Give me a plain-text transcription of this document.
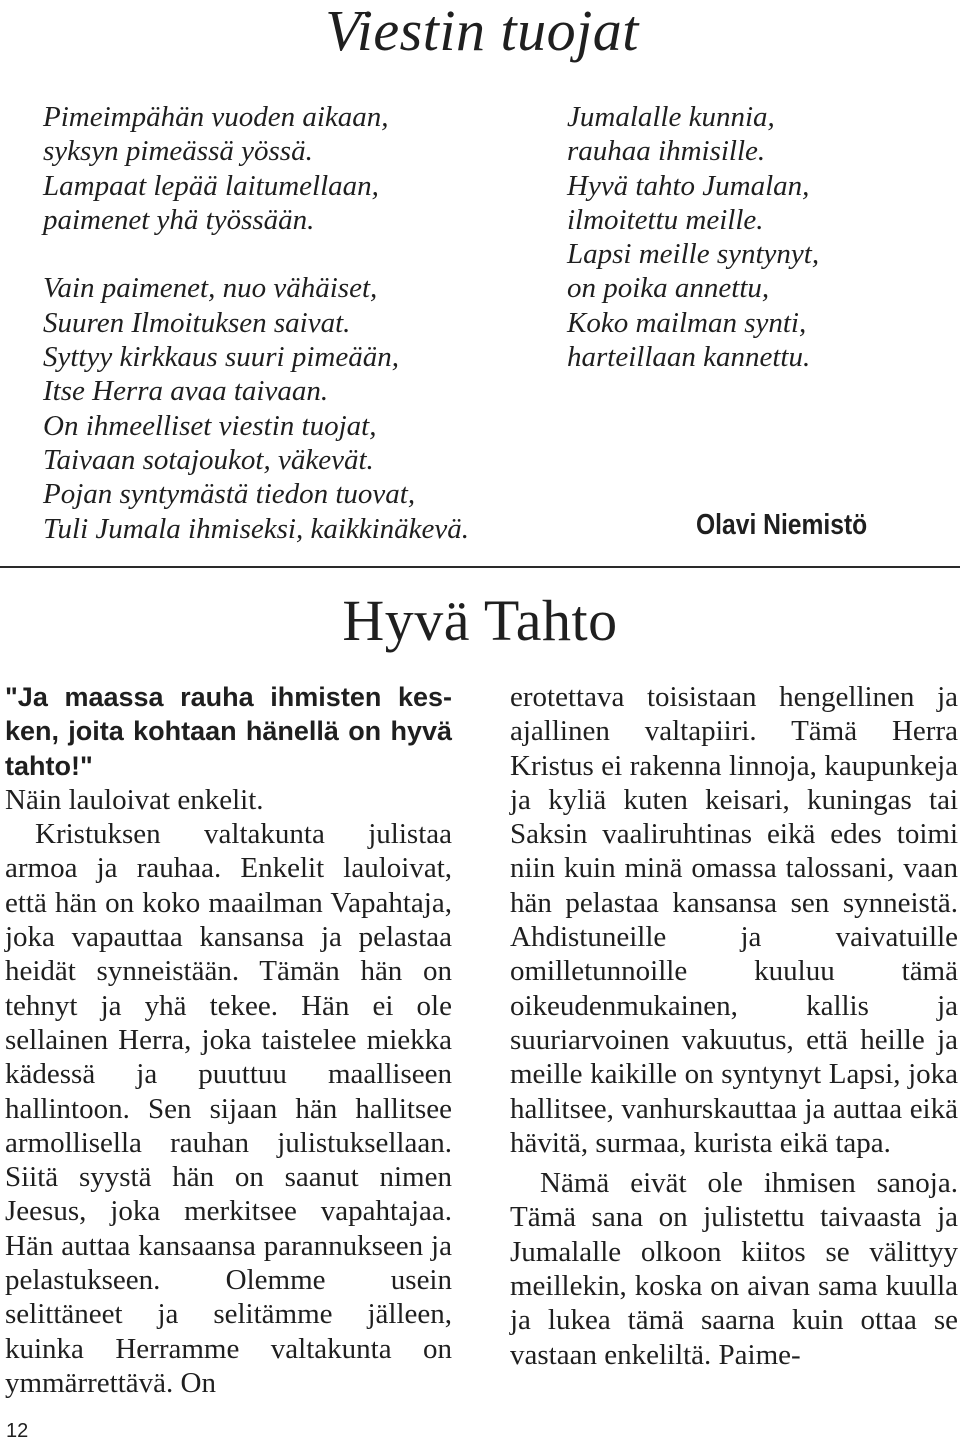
Viestin tuojat
Pimeimpähän vuoden aikaan,
syksyn pimeässä yössä.
Lampaat lepää laitumellaan,
paimenet yhä työssään.
Vain paimenet, nuo vähäiset,
Suuren Ilmoituksen saivat.
Syttyy kirkkaus suuri pimeään,
Itse Herra avaa taivaan.
On ihmeelliset viestin tuojat,
Taivaan sotajoukot, väkevät.
Pojan syntymästä tiedon tuovat,
Tuli Jumala ihmiseksi, kaikkinäkevä.
Jumalalle kunnia,
rauhaa ihmisille.
Hyvä tahto Jumalan,
ilmoitettu meille.
Lapsi meille syntynyt,
on poika annettu,
Koko mailman synti,
harteillaan kannettu.
Olavi Niemistö
Hyvä Tahto

"Ja maassa rauha ihmisten kesken, joita kohtaan hänellä on hyvä tahto!"

Näin lauloivat enkelit.

Kristuksen valtakunta julistaa armoa ja rauhaa. Enkelit lauloivat, että hän on koko maailman Vapahtaja, joka vapauttaa kansansa ja pelastaa heidät synneistään. Tämän hän on tehnyt ja yhä tekee. Hän ei ole sellainen Herra, joka taistelee miekka kädessä ja puuttuu maalliseen hallintoon. Sen sijaan hän hallitsee armollisella rauhan julistuksellaan. Siitä syystä hän on saanut nimen Jeesus, joka merkitsee vapahtajaa. Hän auttaa kansaansa parannukseen ja pelastukseen. Olemme usein selittäneet ja selitämme jälleen, kuinka Herramme valtakunta on ymmärrettävä. On

erotettava toisistaan hengellinen ja ajallinen valtapiiri. Tämä Herra Kristus ei rakenna linnoja, kaupunkeja ja kyliä kuten keisari, kuningas tai Saksin vaaliruhtinas eikä edes toimi niin kuin minä omassa talossani, vaan hän pelastaa kansansa sen synneistä. Ahdistuneille ja vaivatuille omilletunnoille kuuluu tämä oikeudenmukainen, kallis ja suuriarvoinen vakuutus, että heille ja meille kaikille on syntynyt Lapsi, joka hallitsee, vanhurskauttaa ja auttaa eikä hävitä, surmaa, kurista eikä tapa.

Nämä eivät ole ihmisen sanoja. Tämä sana on julistettu taivaasta ja Jumalalle olkoon kiitos se välittyy meillekin, koska on aivan sama kuulla ja lukea tämä saarna kuin ottaa se vastaan enkeliltä. Paime-

12
